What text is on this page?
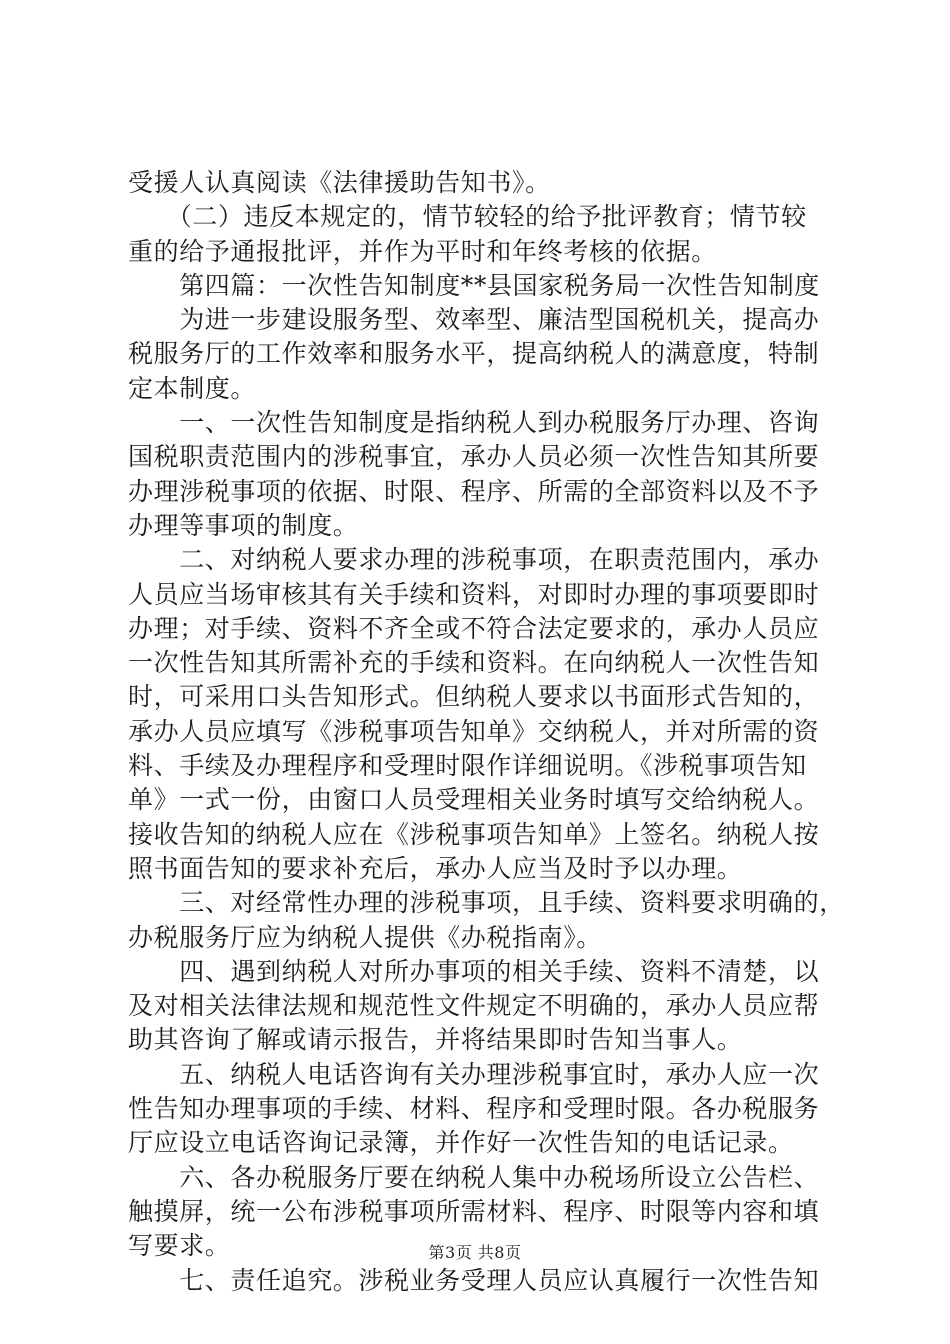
受援人认真阅读《法律援助告知书》。
　　（二）违反本规定的，情节较轻的给予批评教育；情节较
重的给予通报批评，并作为平时和年终考核的依据。
　　第四篇：一次性告知制度**县国家税务局一次性告知制度
　　为进一步建设服务型、效率型、廉洁型国税机关，提高办
税服务厅的工作效率和服务水平，提高纳税人的满意度，特制
定本制度。
　　一、一次性告知制度是指纳税人到办税服务厅办理、咨询
国税职责范围内的涉税事宜，承办人员必须一次性告知其所要
办理涉税事项的依据、时限、程序、所需的全部资料以及不予
办理等事项的制度。
　　二、对纳税人要求办理的涉税事项，在职责范围内，承办
人员应当场审核其有关手续和资料，对即时办理的事项要即时
办理；对手续、资料不齐全或不符合法定要求的，承办人员应
一次性告知其所需补充的手续和资料。在向纳税人一次性告知
时，可采用口头告知形式。但纳税人要求以书面形式告知的，
承办人员应填写《涉税事项告知单》交纳税人，并对所需的资
料、手续及办理程序和受理时限作详细说明。《涉税事项告知
单》一式一份，由窗口人员受理相关业务时填写交给纳税人。
接收告知的纳税人应在《涉税事项告知单》上签名。纳税人按
照书面告知的要求补充后，承办人应当及时予以办理。
　　三、对经常性办理的涉税事项，且手续、资料要求明确的，
办税服务厅应为纳税人提供《办税指南》。
　　四、遇到纳税人对所办事项的相关手续、资料不清楚，以
及对相关法律法规和规范性文件规定不明确的，承办人员应帮
助其咨询了解或请示报告，并将结果即时告知当事人。
　　五、纳税人电话咨询有关办理涉税事宜时，承办人应一次
性告知办理事项的手续、材料、程序和受理时限。各办税服务
厅应设立电话咨询记录簿，并作好一次性告知的电话记录。
　　六、各办税服务厅要在纳税人集中办税场所设立公告栏、
触摸屏，统一公布涉税事项所需材料、程序、时限等内容和填
写要求。
　　七、责任追究。涉税业务受理人员应认真履行一次性告知
第3页 共8页
